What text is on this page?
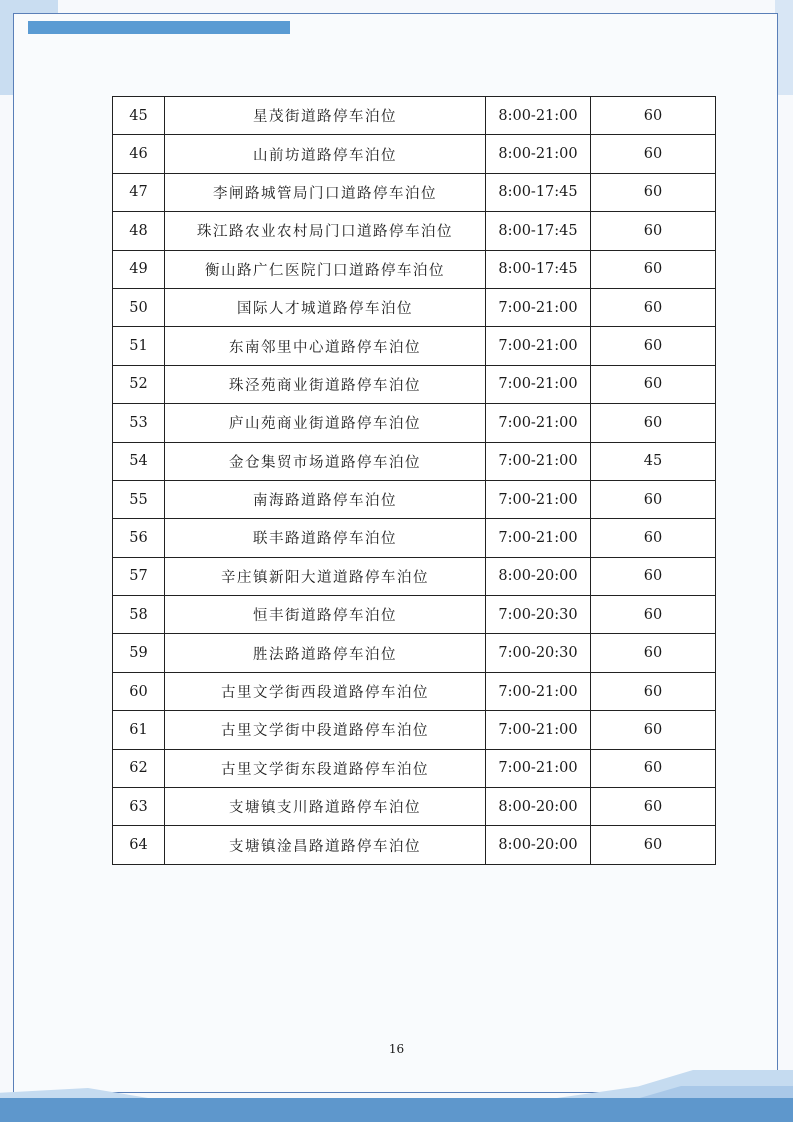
45	星茂街道路停车泊位	8:00-21:00	60
46	山前坊道路停车泊位	8:00-21:00	60
47	李闸路城管局门口道路停车泊位	8:00-17:45	60
48	珠江路农业农村局门口道路停车泊位	8:00-17:45	60
49	衡山路广仁医院门口道路停车泊位	8:00-17:45	60
50	国际人才城道路停车泊位	7:00-21:00	60
51	东南邻里中心道路停车泊位	7:00-21:00	60
52	珠泾苑商业街道路停车泊位	7:00-21:00	60
53	庐山苑商业街道路停车泊位	7:00-21:00	60
54	金仓集贸市场道路停车泊位	7:00-21:00	45
55	南海路道路停车泊位	7:00-21:00	60
56	联丰路道路停车泊位	7:00-21:00	60
57	辛庄镇新阳大道道路停车泊位	8:00-20:00	60
58	恒丰街道路停车泊位	7:00-20:30	60
59	胜法路道路停车泊位	7:00-20:30	60
60	古里文学街西段道路停车泊位	7:00-21:00	60
61	古里文学街中段道路停车泊位	7:00-21:00	60
62	古里文学街东段道路停车泊位	7:00-21:00	60
63	支塘镇支川路道路停车泊位	8:00-20:00	60
64	支塘镇淦昌路道路停车泊位	8:00-20:00	60
16
